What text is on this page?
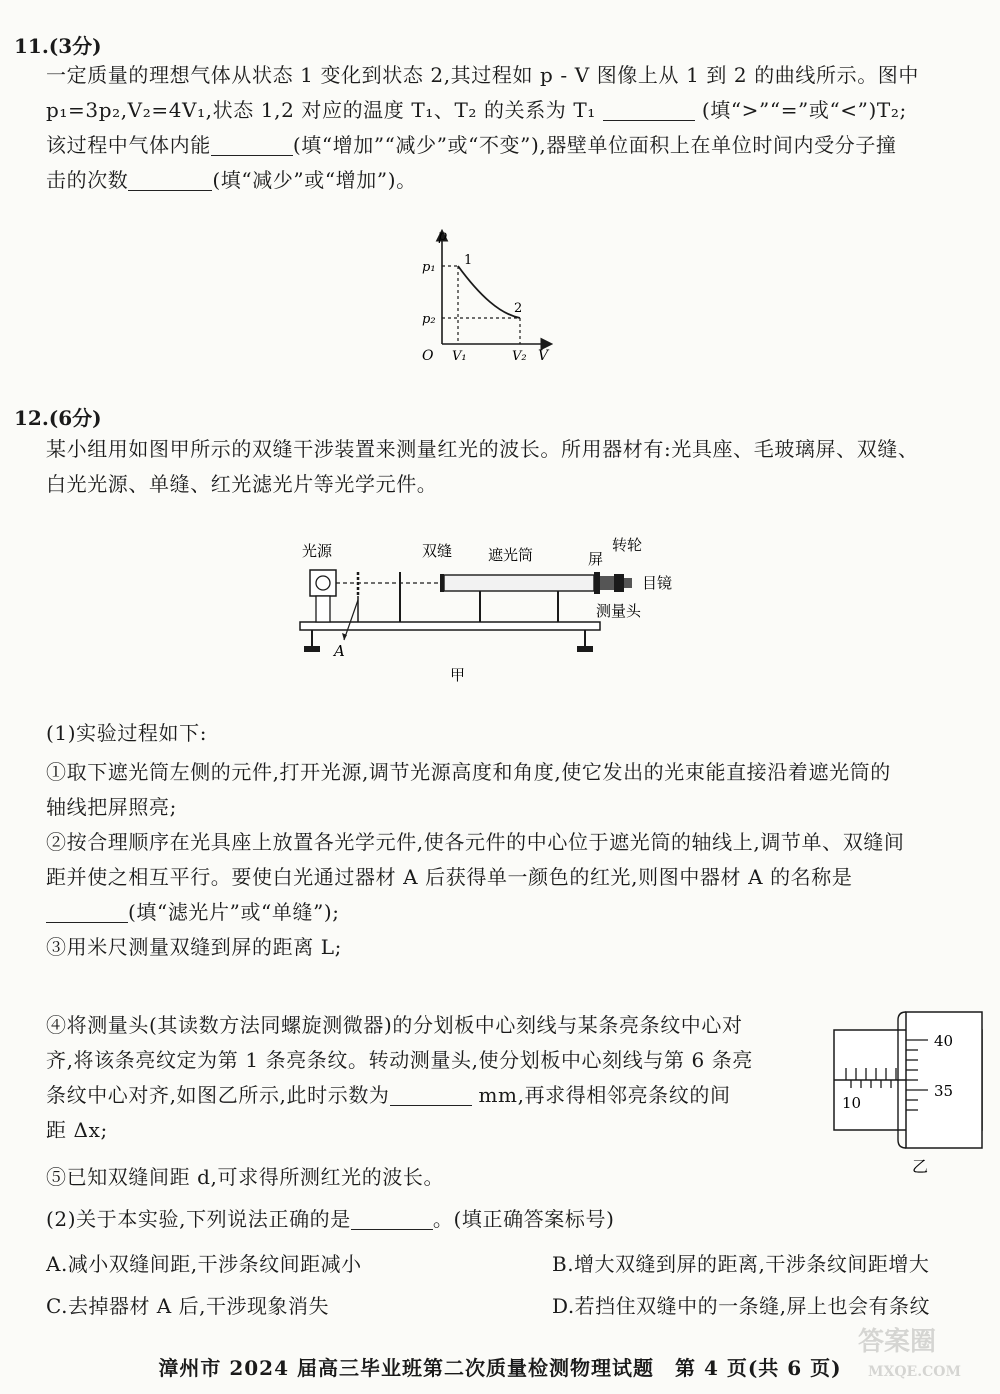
11.(3分)
一定质量的理想气体从状态 1 变化到状态 2,其过程如 p - V 图像上从 1 到 2 的曲线所示。图中
p₁=3p₂,V₂=4V₁,状态 1,2 对应的温度 T₁、T₂ 的关系为 T₁	(填“>”“=”或“<”)T₂;
该过程中气体内能	(填“增加”“减少”或“不变”),器壁单位面积上在单位时间内受分子撞
击的次数	(填“减少”或“增加”)。
p
V
O
p₁
p₂
V₁	V₂
1
2
12.(6分)
某小组用如图甲所示的双缝干涉装置来测量红光的波长。所用器材有:光具座、毛玻璃屏、双缝、
白光光源、单缝、红光滤光片等光学元件。
光源	双缝 遮光筒	屏
转轮
目镜
测量头
A
甲
(1)实验过程如下:
①取下遮光筒左侧的元件,打开光源,调节光源高度和角度,使它发出的光束能直接沿着遮光筒的
轴线把屏照亮;
②按合理顺序在光具座上放置各光学元件,使各元件的中心位于遮光筒的轴线上,调节单、双缝间
距并使之相互平行。要使白光通过器材 A 后获得单一颜色的红光,则图中器材 A 的名称是
(填“滤光片”或“单缝”);
③用米尺测量双缝到屏的距离 L;
④将测量头(其读数方法同螺旋测微器)的分划板中心刻线与某条亮条纹中心对
齐,将该条亮纹定为第 1 条亮条纹。转动测量头,使分划板中心刻线与第 6 条亮
条纹中心对齐,如图乙所示,此时示数为	mm,再求得相邻亮条纹的间
距 Δx;
40
35
10
乙
⑤已知双缝间距 d,可求得所测红光的波长。
(2)关于本实验,下列说法正确的是	。(填正确答案标号)
A.减小双缝间距,干涉条纹间距减小	B.增大双缝到屏的距离,干涉条纹间距增大
C.去掉器材 A 后,干涉现象消失	D.若挡住双缝中的一条缝,屏上也会有条纹
漳州市 2024 届高三毕业班第二次质量检测物理试题　第 4 页(共 6 页)
答案圈
MXQE.COM
